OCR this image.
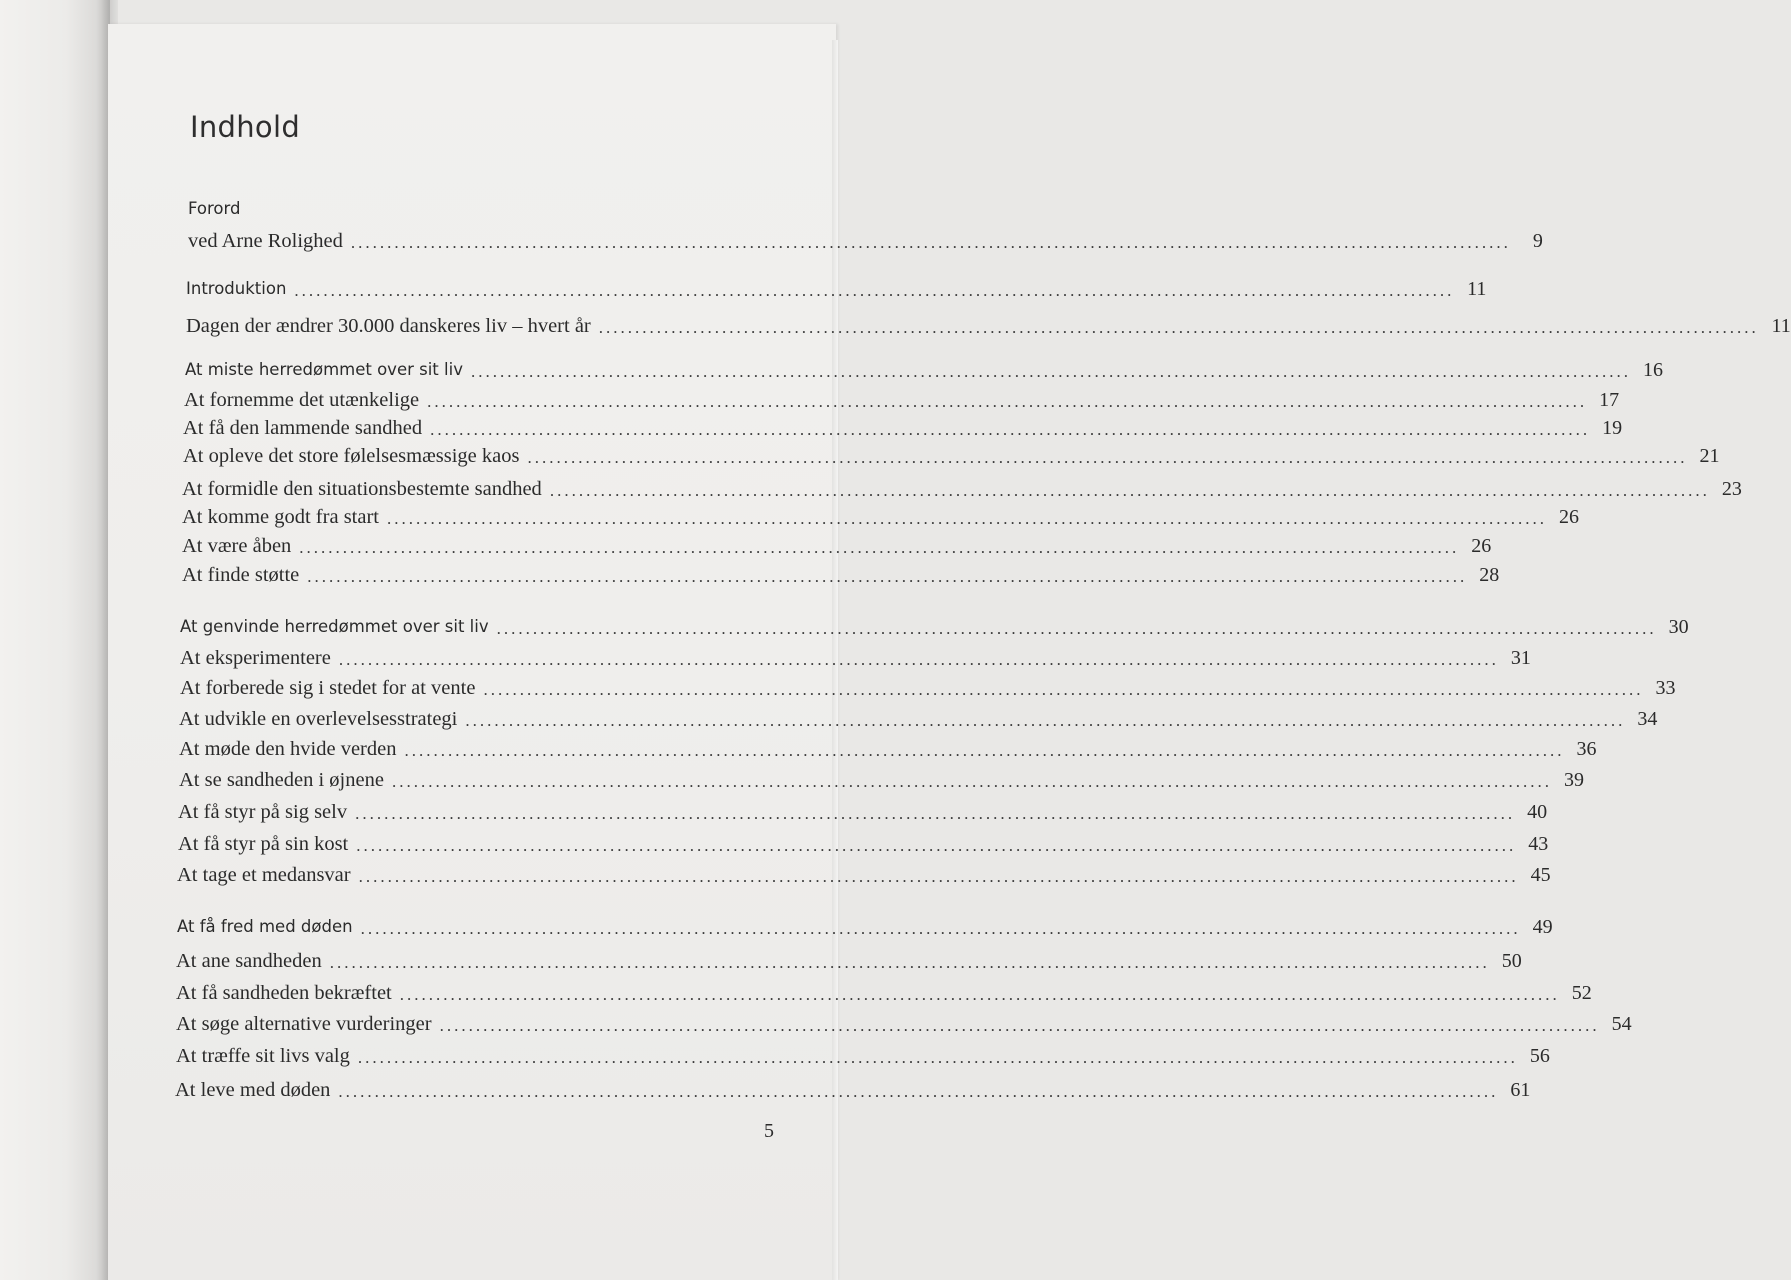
Indhold
Forord
ved Arne Rolighed ................................................................................................................................................................	9
Introduktion ................................................................................................................................................................ 11
Dagen der ændrer 30.000 danskeres liv – hvert år ................................................................................................................................................................ 11
At miste herredømmet over sit liv ................................................................................................................................................................ 16
At fornemme det utænkelige ................................................................................................................................................................ 17
At få den lammende sandhed ................................................................................................................................................................ 19
At opleve det store følelsesmæssige kaos ................................................................................................................................................................ 21
At formidle den situationsbestemte sandhed ................................................................................................................................................................ 23
At komme godt fra start ................................................................................................................................................................ 26
At være åben ................................................................................................................................................................ 26
At finde støtte ................................................................................................................................................................ 28
At genvinde herredømmet over sit liv ................................................................................................................................................................ 30
At eksperimentere ................................................................................................................................................................ 31
At forberede sig i stedet for at vente ................................................................................................................................................................ 33
At udvikle en overlevelsesstrategi ................................................................................................................................................................ 34
At møde den hvide verden ................................................................................................................................................................ 36
At se sandheden i øjnene ................................................................................................................................................................ 39
At få styr på sig selv ................................................................................................................................................................ 40
At få styr på sin kost ................................................................................................................................................................ 43
At tage et medansvar ................................................................................................................................................................ 45
At få fred med døden ................................................................................................................................................................ 49
At ane sandheden ................................................................................................................................................................ 50
At få sandheden bekræftet ................................................................................................................................................................ 52
At søge alternative vurderinger ................................................................................................................................................................ 54
At træffe sit livs valg ................................................................................................................................................................ 56
At leve med døden ................................................................................................................................................................ 61
5
